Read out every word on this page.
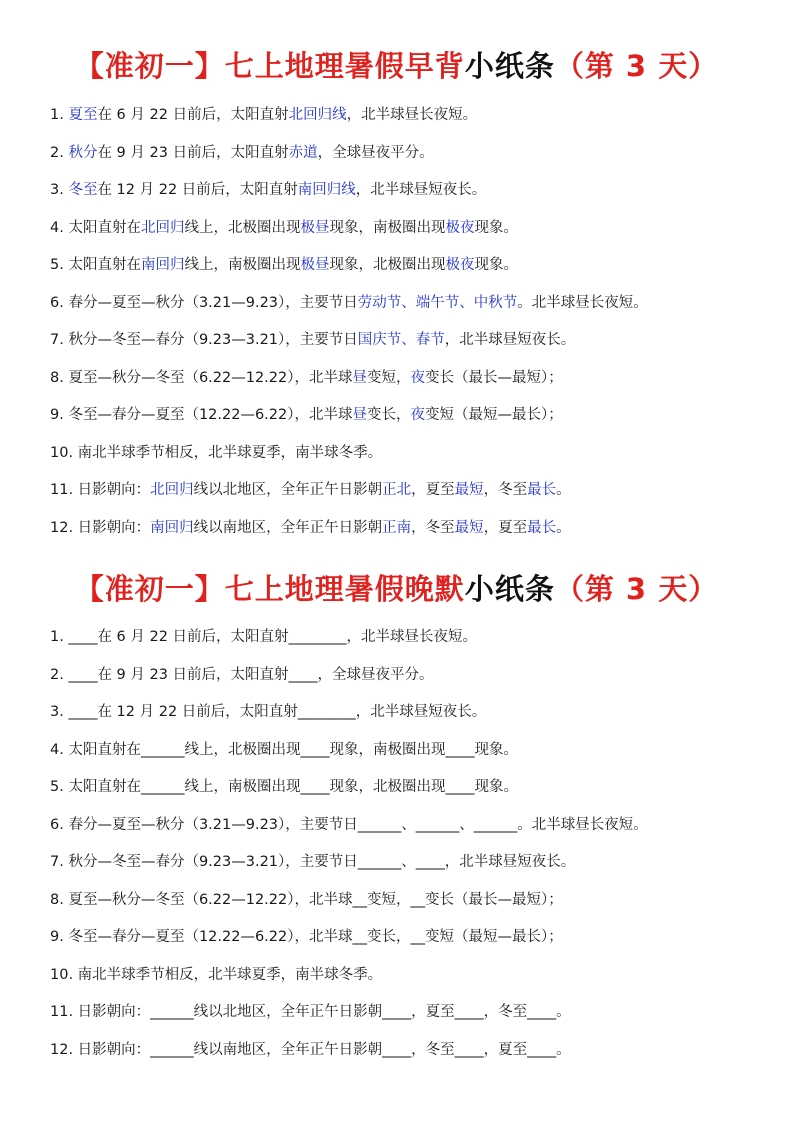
【准初一】七上地理暑假早背小纸条（第 3 天）
1. 夏至在 6 月 22 日前后，太阳直射北回归线，北半球昼长夜短。
2. 秋分在 9 月 23 日前后，太阳直射赤道，全球昼夜平分。
3. 冬至在 12 月 22 日前后，太阳直射南回归线，北半球昼短夜长。
4. 太阳直射在北回归线上，北极圈出现极昼现象，南极圈出现极夜现象。
5. 太阳直射在南回归线上，南极圈出现极昼现象，北极圈出现极夜现象。
6. 春分—夏至—秋分（3.21—9.23），主要节日劳动节、端午节、中秋节。北半球昼长夜短。
7. 秋分—冬至—春分（9.23—3.21），主要节日国庆节、春节，北半球昼短夜长。
8. 夏至—秋分—冬至（6.22—12.22），北半球昼变短，夜变长（最长—最短）；
9. 冬至—春分—夏至（12.22—6.22），北半球昼变长，夜变短（最短—最长）；
10. 南北半球季节相反，北半球夏季，南半球冬季。
11. 日影朝向：北回归线以北地区，全年正午日影朝正北，夏至最短，冬至最长。
12. 日影朝向：南回归线以南地区，全年正午日影朝正南，冬至最短，夏至最长。
【准初一】七上地理暑假晚默小纸条（第 3 天）
1. ____在 6 月 22 日前后，太阳直射________，北半球昼长夜短。
2. ____在 9 月 23 日前后，太阳直射____，全球昼夜平分。
3. ____在 12 月 22 日前后，太阳直射________，北半球昼短夜长。
4. 太阳直射在______线上，北极圈出现____现象，南极圈出现____现象。
5. 太阳直射在______线上，南极圈出现____现象，北极圈出现____现象。
6. 春分—夏至—秋分（3.21—9.23），主要节日______、______、______。北半球昼长夜短。
7. 秋分—冬至—春分（9.23—3.21），主要节日______、____，北半球昼短夜长。
8. 夏至—秋分—冬至（6.22—12.22），北半球__变短，__变长（最长—最短）；
9. 冬至—春分—夏至（12.22—6.22），北半球__变长，__变短（最短—最长）；
10. 南北半球季节相反，北半球夏季，南半球冬季。
11. 日影朝向：______线以北地区，全年正午日影朝____，夏至____，冬至____。
12. 日影朝向：______线以南地区，全年正午日影朝____，冬至____，夏至____。
